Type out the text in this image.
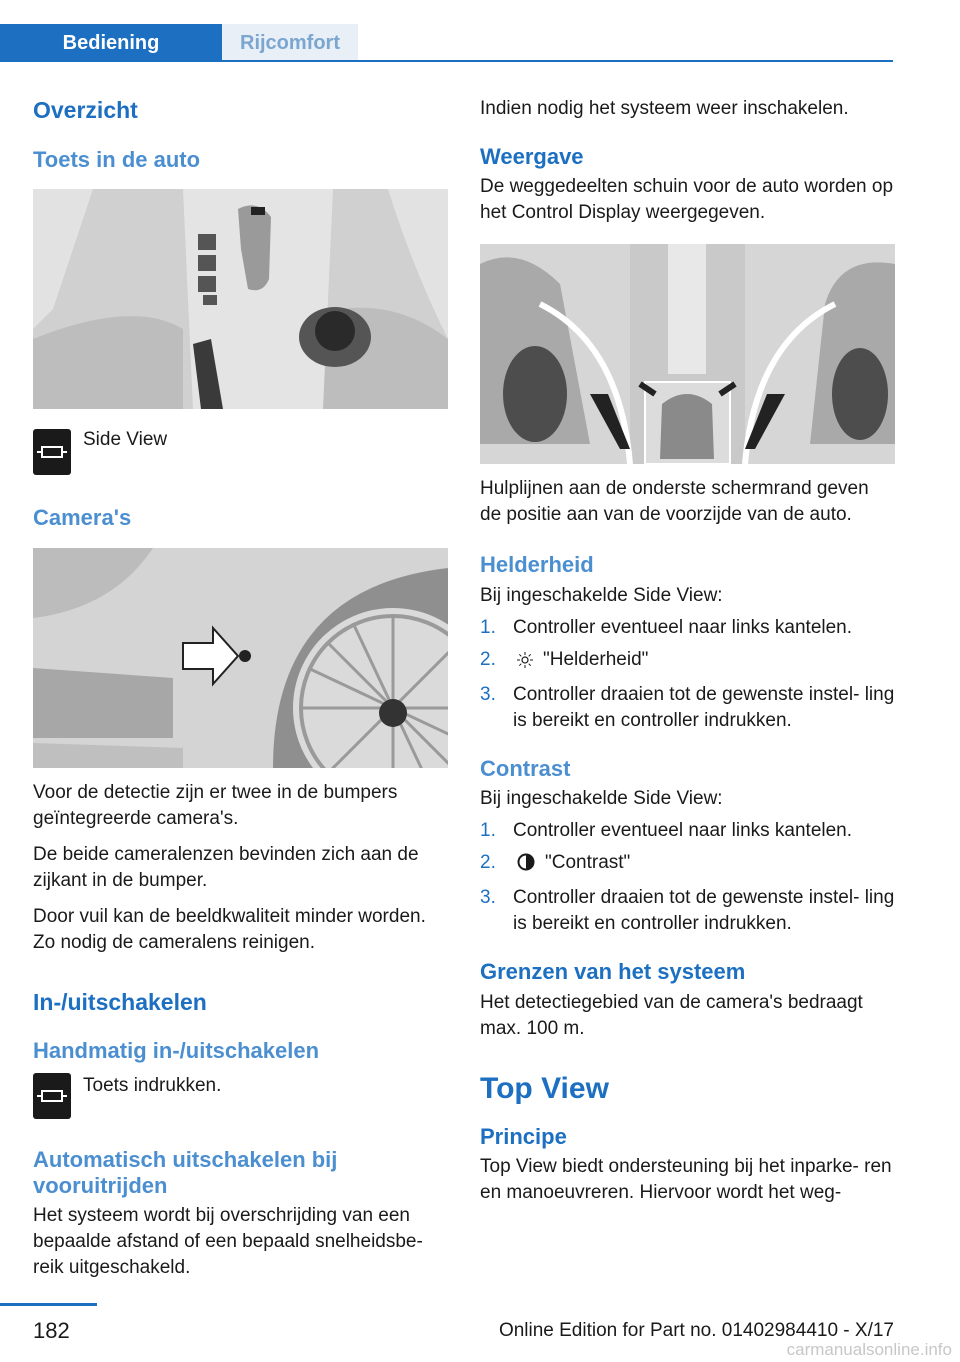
Bediening	Rijcomfort
Overzicht
Toets in de auto

Side View

Camera's

Voor de detectie zijn er twee in de bumpers geïntegreerde camera's.

De beide cameralenzen bevinden zich aan de zijkant in de bumper.

Door vuil kan de beeldkwaliteit minder worden. Zo nodig de cameralens reinigen.

In-/uitschakelen
Handmatig in-/uitschakelen

Toets indrukken.

Automatisch uitschakelen bij vooruitrijden

Het systeem wordt bij overschrijding van een bepaalde afstand of een bepaald snelheidsbe- reik uitgeschakeld.

Indien nodig het systeem weer inschakelen.

Weergave

De weggedeelten schuin voor de auto worden op het Control Display weergegeven.

Hulplijnen aan de onderste schermrand geven de positie aan van de voorzijde van de auto.

Helderheid

Bij ingeschakelde Side View:

1. Controller eventueel naar links kantelen.
2. "Helderheid"
3. Controller draaien tot de gewenste instel- ling is bereikt en controller indrukken.
Contrast

Bij ingeschakelde Side View:

1. Controller eventueel naar links kantelen.
2.	"Contrast"
3. Controller draaien tot de gewenste instel- ling is bereikt en controller indrukken.
Grenzen van het systeem

Het detectiegebied van de camera's bedraagt max. 100 m.

Top View
Principe

Top View biedt ondersteuning bij het inparke- ren en manoeuvreren. Hiervoor wordt het weg-

182	Online Edition for Part no. 01402984410 - X/17
carmanualsonline.info
